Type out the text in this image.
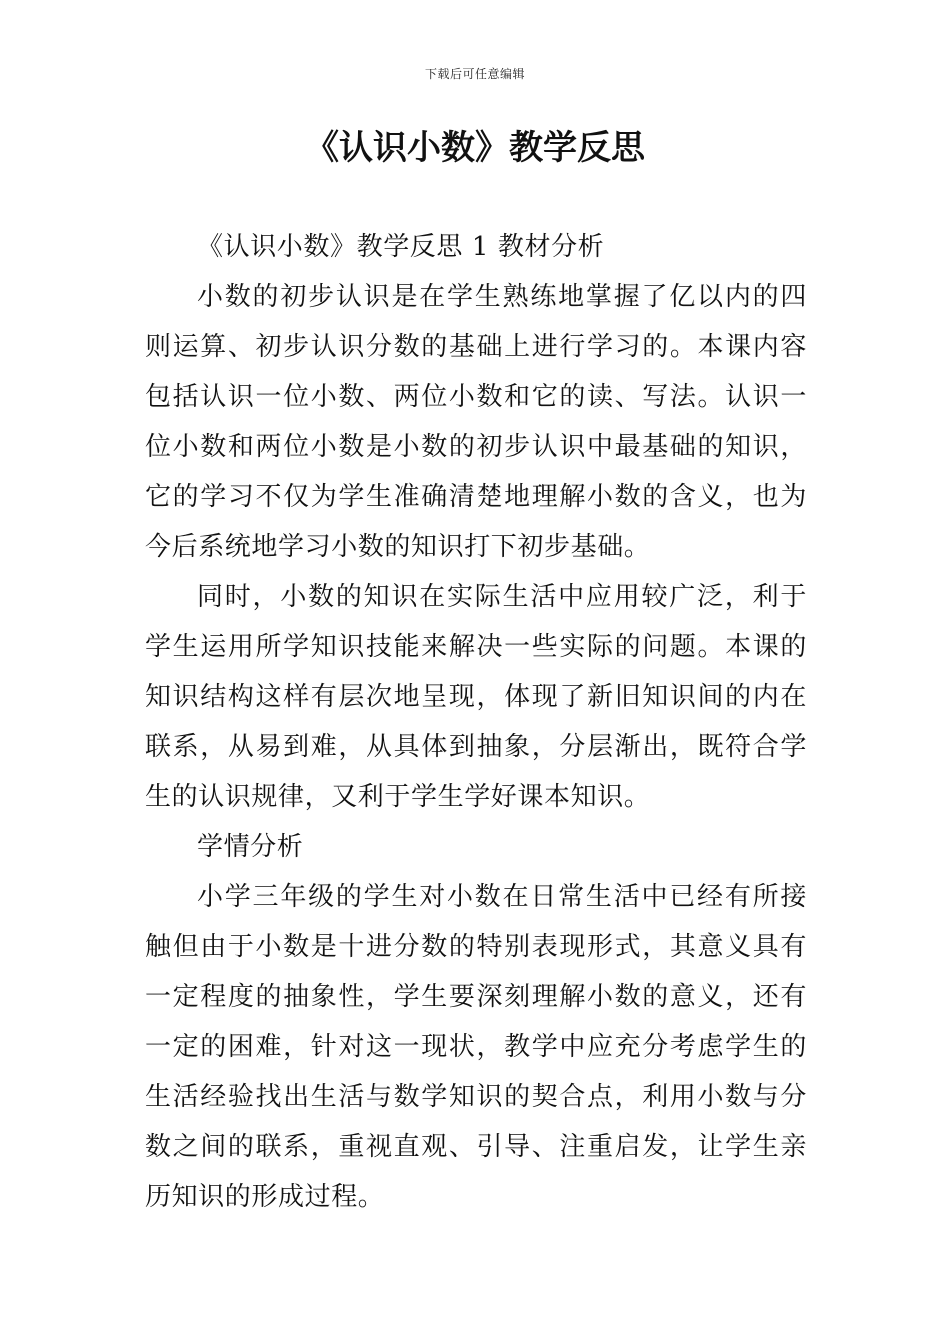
下载后可任意编辑
《认识小数》教学反思

《认识小数》教学反思 1 教材分析

小数的初步认识是在学生熟练地掌握了亿以内的四则运算、初步认识分数的基础上进行学习的。本课内容包括认识一位小数、两位小数和它的读、写法。认识一位小数和两位小数是小数的初步认识中最基础的知识，它的学习不仅为学生准确清楚地理解小数的含义，也为今后系统地学习小数的知识打下初步基础。

同时，小数的知识在实际生活中应用较广泛，利于学生运用所学知识技能来解决一些实际的问题。本课的知识结构这样有层次地呈现，体现了新旧知识间的内在联系，从易到难，从具体到抽象，分层渐出，既符合学生的认识规律，又利于学生学好课本知识。

学情分析

小学三年级的学生对小数在日常生活中已经有所接触但由于小数是十进分数的特别表现形式，其意义具有一定程度的抽象性，学生要深刻理解小数的意义，还有一定的困难，针对这一现状，教学中应充分考虑学生的生活经验找出生活与数学知识的契合点，利用小数与分数之间的联系，重视直观、引导、注重启发，让学生亲历知识的形成过程。
